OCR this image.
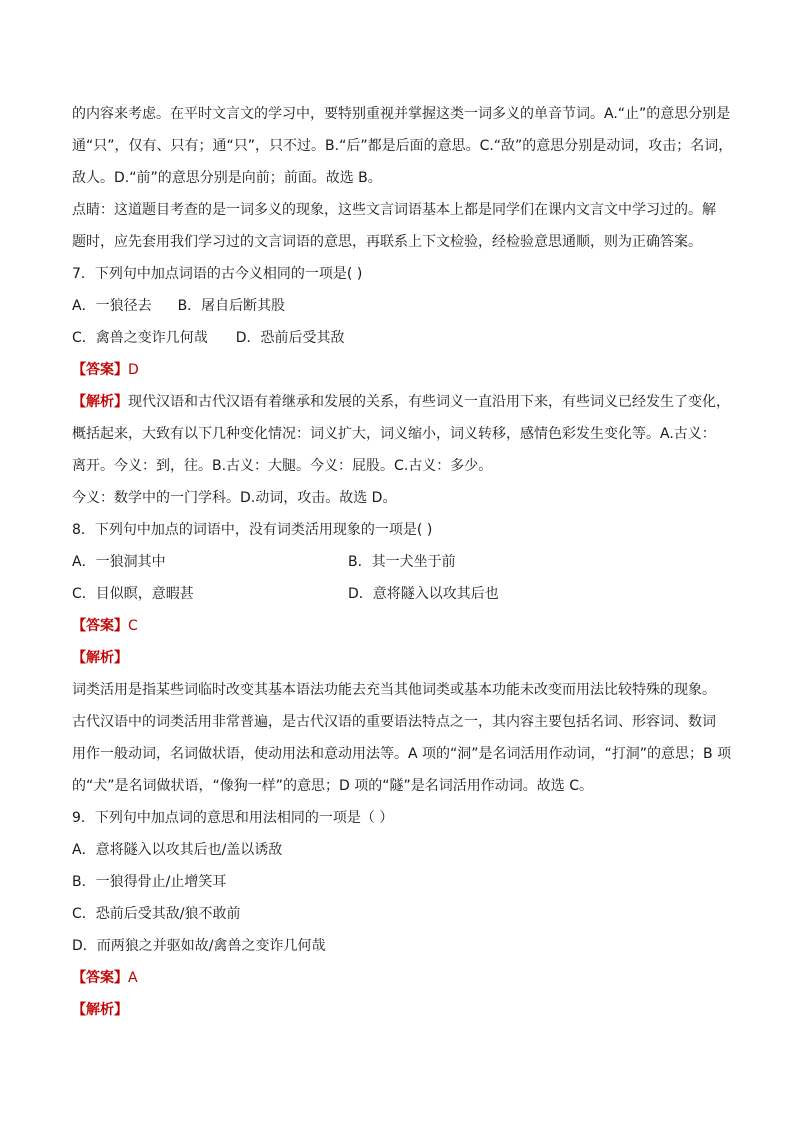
的内容来考虑。在平时文言文的学习中，要特别重视并掌握这类一词多义的单音节词。A.“止”的意思分别是
通“只”，仅有、只有；通“只”，只不过。B.“后”都是后面的意思。C.“敌”的意思分别是动词，攻击；名词，
敌人。D.“前”的意思分别是向前；前面。故选 B。
点睛：这道题目考查的是一词多义的现象，这些文言词语基本上都是同学们在课内文言文中学习过的。解
题时，应先套用我们学习过的文言词语的意思，再联系上下文检验，经检验意思通顺，则为正确答案。
7．下列句中加点词语的古今义相同的一项是( )
A．一狼径去 B．屠自后断其股
C．禽兽之变诈几何哉 D．恐前后受其敌
【答案】D
【解析】现代汉语和古代汉语有着继承和发展的关系，有些词义一直沿用下来，有些词义已经发生了变化，
概括起来，大致有以下几种变化情况：词义扩大，词义缩小，词义转移，感情色彩发生变化等。A.古义：
离开。今义：到，往。B.古义：大腿。今义：屁股。C.古义：多少。
今义：数学中的一门学科。D.动词，攻击。故选 D。
8．下列句中加点的词语中，没有词类活用现象的一项是( )
A．一狼洞其中	B．其一犬坐于前
C．目似瞑，意暇甚	D．意将隧入以攻其后也
【答案】C
【解析】
词类活用是指某些词临时改变其基本语法功能去充当其他词类或基本功能未改变而用法比较特殊的现象。
古代汉语中的词类活用非常普遍，是古代汉语的重要语法特点之一，其内容主要包括名词、形容词、数词
用作一般动词，名词做状语，使动用法和意动用法等。A 项的“洞”是名词活用作动词，“打洞”的意思；B 项
的“犬”是名词做状语，“像狗一样”的意思；D 项的“隧”是名词活用作动词。故选 C。
9．下列句中加点词的意思和用法相同的一项是（ ）
A．意将隧入以攻其后也/盖以诱敌
B．一狼得骨止/止增笑耳
C．恐前后受其敌/狼不敢前
D．而两狼之并驱如故/禽兽之变诈几何哉
【答案】A
【解析】
